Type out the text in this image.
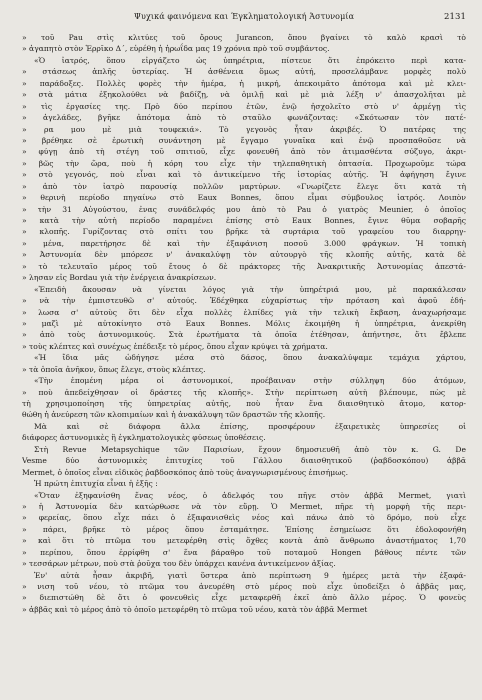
Ψυχικά φαινόμενα και Έγκληματολογική Άστυνομία	2131
» τοῦ Pau στὶς κλιτύες τοῦ ὄρους Jurancon, ὅπου βγαίνει τὸ καλὸ κρασὶ τὸ
» ἀγαπητὸ στὸν Ἑρρῖκο Δ΄, εὑρέθη ἡ ἠρωΐδα μας 19 χρόνια πρὸ τοῦ συμβάντος.
«Ὁ ἰατρός, ὅπου εἰργάζετο ὡς ὑπηρέτρια, πίστευε ὅτι ἐπρόκειτο περὶ κατα-
» στάσεως ἁπλῆς ὑστερίας. Ἡ ἀσθένεια ὅμως αὐτή, προσελάμβανε μορφὲς πολὺ
» παράδοξες. Πολλὲς φορὲς τὴν ἡμέρα, ἡ μικρή, ἀπεκοιμᾶτο ἀπότομα καὶ μὲ κλει-
» στὰ μάτια ἐξηκολούθει νὰ βαδίζῃ, νὰ ὁμιλῇ καὶ μὲ μιὰ λέξη ν' ἀπασχολῆται μὲ
» τὶς ἐργασίες της. Πρὸ δύο περίπου ἐτῶν, ἐνῷ ἠσχολεῖτο στὸ ν' ἀρμέγῃ τὶς
» ἀγελάδες, βγῆκε ἀπότομα ἀπὸ τὸ σταῦλο φωνάζοντας: «Σκότωσαν τὸν πατέ-
» ρα μου μὲ μιὰ τουφεκιά». Τὸ γεγονὸς ἦταν ἀκριβές. Ὁ πατέρας της
» βρέθηκε σὲ ἐρωτικὴ συνάντηση μὲ ἔγγαμο γυναῖκα καὶ ἐνῷ προσπαθοῦσε νὰ
» φύγῃ ἀπὸ τὴ στέγη τοῦ σπιτιοῦ, εἶχε φονευθῆ ἀπὸ τὸν ἀτιμασθέντα σύζυγο, ἀκρι-
» βῶς τὴν ὥρα, ποὺ ἡ κόρη του εἶχε τὴν τηλεπαθητικὴ ὀπτασία. Προχωροῦμε τώρα
» στὸ γεγονός, ποὺ εἶναι καὶ τὸ ἀντικείμενο τῆς ἱστορίας αὐτῆς. Ἡ ἀφήγηση ἔγινε
» ἀπὸ τὸν ἰατρὸ παρουσίᾳ πολλῶν μαρτύρων. «Γνωρίζετε ἔλεγε ὅτι κατὰ τὴ
» θερινὴ περίοδο πηγαίνω στὸ Eaux Bonnes, ὅπου εἶμαι σύμβουλος ἰατρός. Λοιπὸν
» τὴν 31 Αὐγούστου, ἐνας συνάδελφός μου ἀπὸ τὸ Pau ὁ γιατρὸς Meunier, ὁ ὁποῖος
» κατὰ τὴν αὐτὴ περίοδο παραμένει ἐπίσης στὸ Eaux Bonnes, ἔγινε θῦμα σοβαρῆς
» κλοπῆς. Γυρίζοντας στὸ σπίτι του βρῆκε τὰ συρτάρια τοῦ γραφείου του διαρρηγ-
» μένα, παρετήρησε δὲ καὶ τὴν ἐξαφάνιση ποσοῦ 3.000 φράγκων. Ἡ τοπικὴ
» Ἀστυνομία δὲν μπόρεσε ν' ἀνακαλύψῃ τὸν αὐτουργὸ τῆς κλοπῆς αὐτῆς, κατὰ δὲ
» τὸ τελευταῖο μέρος τοῦ ἔτους ὁ δὲ πράκτορες τῆς Ἀνακριτικῆς Ἀστυνομίας ἀπεστά-
» λησαν εἰς Bordau γιὰ τὴν ἐνέργεια ἀνακρίσεων.
«Ἐπειδὴ ἄκουσαν νὰ γίνεται λόγος γιὰ τὴν ὑπηρέτριά μου, μὲ παρακάλεσαν
» νὰ τὴν ἐμπιστευθῶ σ' αὐτούς. Ἐδέχθηκα εὐχαρίστως τὴν πρόταση καὶ ἀφοῦ ἐδή-
» λωσα σ' αὐτοὺς ὅτι δὲν εἶχα πολλὲς ἐλπίδες γιὰ τὴν τελικὴ ἔκβαση, ἀναχωρήσαμε
» μαζὶ μὲ αὐτοκίνητο στὸ Eaux Bonnes. Μόλις ἐκοιμήθη ἡ ὑπηρέτρια, ἀνεκρίθη
» ἀπὸ τοὺς ἀστυνομικούς. Στὰ ἐρωτήματα τὰ ὁποῖα ἐτέθησαν, ἀπήντησε, ὅτι ἔβλεπε
» τοὺς κλέπτες καὶ συνέχως ἐπέδειξε τὸ μέρος, ὅπου εἶχαν κρύψει τὰ χρήματα.
«Ἡ ἴδια μᾶς ὡδήγησε μέσα στὸ δάσος, ὅπου ἀνακαλύψαμε τεμάχια χάρτου,
» τὰ ὁποῖα ἀνῆκον, ὅπως ἔλεγε, στοὺς κλέπτες.
«Τὴν ἐπομένη μέρα οἱ ἀστυνομικοί, προέβαιναν στὴν σύλληψη δύο ἀτόμων,
» ποὺ ἀπεδείχθησαν οἱ δράστες τῆς κλοπῆς». Στὴν περίπτωση αὐτὴ βλέπουμε, πὼς μὲ
τὴ χρησιμοποίηση τῆς ὑπηρετρίας αὐτῆς, ποὺ ἦταν ἕνα διαισθητικὸ ἄτομο, κατορ-
θώθη ἡ ἀνεύρεση τῶν κλοπιμαίων καὶ ἡ ἀνακάλυψη τῶν δραστῶν τῆς κλοπῆς.
Μὰ καὶ σὲ διάφορα ἄλλα ἐπίσης, προσφέρουν ἐξαιρετικὲς ὑπηρεσίες οἱ
διάφορες ἀστυνομικὲς ἢ ἐγκληματολογικὲς φύσεως ὑποθέσεις.
Στὴ Revue Metapsychique τῶν Παρισίων, ἔχουν δημοσιευθῆ ἀπὸ τὸν κ. G. De
Vesme δύο ἀστυνομικὲς ἐπιτυχίες τοῦ Γάλλου διαισθητικοῦ (ῥαβδοσκόπου) ἀββᾶ
Mermet, ὁ ὁποῖος εἶναι εἰδικὸς ῥαβδοσκόπος ἀπὸ τοὺς ἀναγνωρισμένους ἐπισήμως.
Ἡ πρώτη ἐπιτυχία εἶναι ἡ ἑξῆς :
«Ὅταν ἐξηφανίσθη ἕνας νέος, ὁ ἀδελφός του πῆγε στὸν ἀββᾶ Mermet, γιατὶ
» ἡ Ἀστυνομία δὲν κατώρθωσε νὰ τὸν εὕρῃ. Ὁ Mermet, πῆρε τὴ μορφὴ τῆς περι-
» φερείας, ὅπου εἶχε πάει ὁ ἐξαφανισθεὶς νέος καὶ πάνω ἀπὸ τὸ δρόμο, ποὺ εἶχε
» πάρει, βρῆκε τὸ μέρος ὅπου ἐσταμάτησε. Ἐπίσης ἐσημείωσε ὅτι ἐδολοφονήθη
» καὶ ὅτι τὸ πτῶμα του μετεφέρθη στὶς ὄχθες κοντὰ ἀπὸ ἄνθρωπο ἀναστήματος 1,70
» περίπου, ὅπου ἐρρίφθη σ' ἕνα βάραθρο τοῦ ποταμοῦ Hongen βάθους πέντε τῶν
» τεσσάρων μέτρων, ποὺ στὰ ῥοῦχα του δὲν ὑπάρχει κανένα ἀντικείμενον ἀξίας.
Ἐν' αὐτὰ ἦσαν ἀκριβῆ, γιατὶ ὕστερα ἀπὸ περίπτωση 9 ἡμέρες μετὰ τὴν ἐξαφά-
» νιση τοῦ νέου, τὸ πτῶμα του ἀνευρέθη στὸ μέρος ποὺ εἶχε ὑποδείξει ὁ ἀββᾶς μας,
» διεπιστώθη δὲ ὅτι ὁ φονευθεὶς εἶχε μεταφερθῆ ἐκεῖ ἀπὸ ἄλλο μέρος. Ὁ φονεὺς
» ἀββᾶς καὶ τὸ μέρος ἀπὸ τὸ ὁποῖο μετεφέρθη τὸ πτῶμα τοῦ νέου, κατὰ τὸν ἀββᾶ Mermet
